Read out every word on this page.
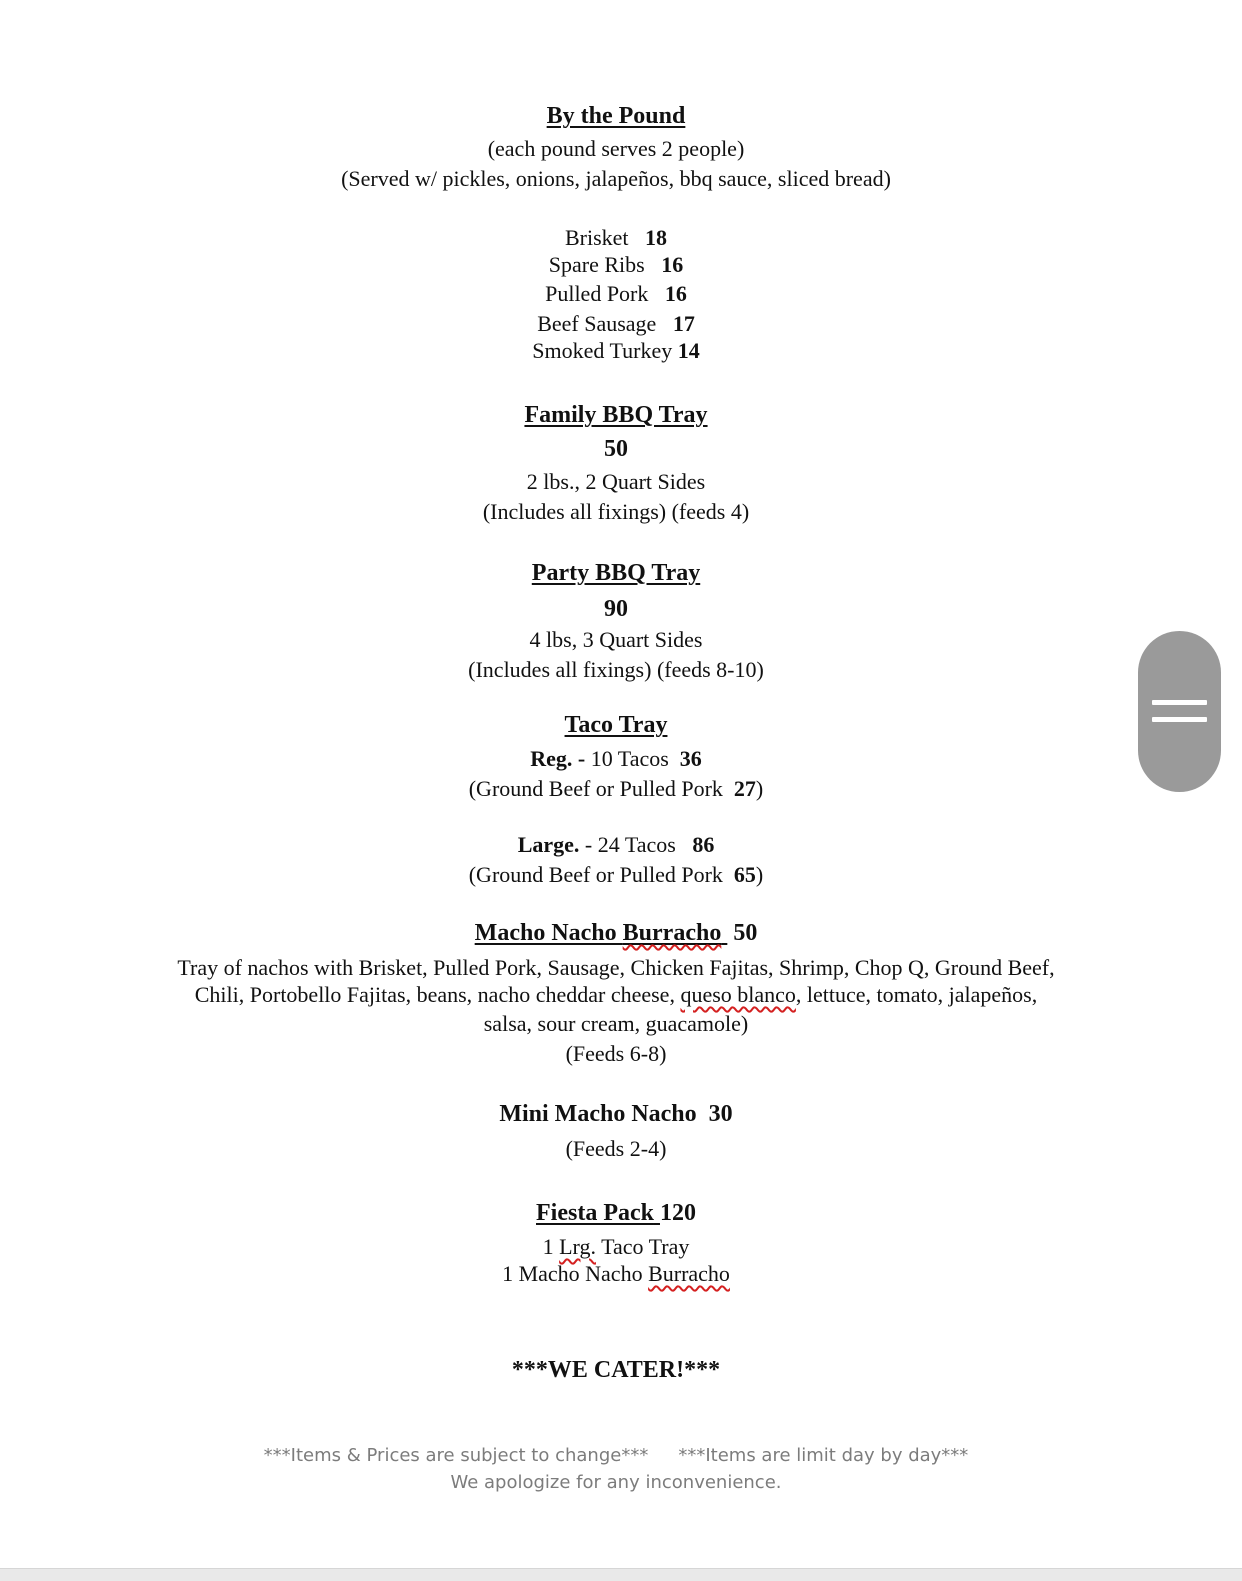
By the Pound
(each pound serves 2 people)
(Served w/ pickles, onions, jalapeños, bbq sauce, sliced bread)
Brisket 18
Spare Ribs 16
Pulled Pork 16
Beef Sausage 17
Smoked Turkey 14
Family BBQ Tray
50
2 lbs., 2 Quart Sides
(Includes all fixings) (feeds 4)
Party BBQ Tray
90
4 lbs, 3 Quart Sides
(Includes all fixings) (feeds 8-10)
Taco Tray
Reg. - 10 Tacos 36
(Ground Beef or Pulled Pork 27)
Large. - 24 Tacos 86
(Ground Beef or Pulled Pork 65)
Macho Nacho Burracho 50
Tray of nachos with Brisket, Pulled Pork, Sausage, Chicken Fajitas, Shrimp, Chop Q, Ground Beef,
Chili, Portobello Fajitas, beans, nacho cheddar cheese, queso blanco, lettuce, tomato, jalapeños,
salsa, sour cream, guacamole)
(Feeds 6-8)
Mini Macho Nacho 30
(Feeds 2-4)
Fiesta Pack 120
1 Lrg. Taco Tray
1 Macho Nacho Burracho
***WE CATER!***
***Items & Prices are subject to change*** ***Items are limit day by day***
We apologize for any inconvenience.
